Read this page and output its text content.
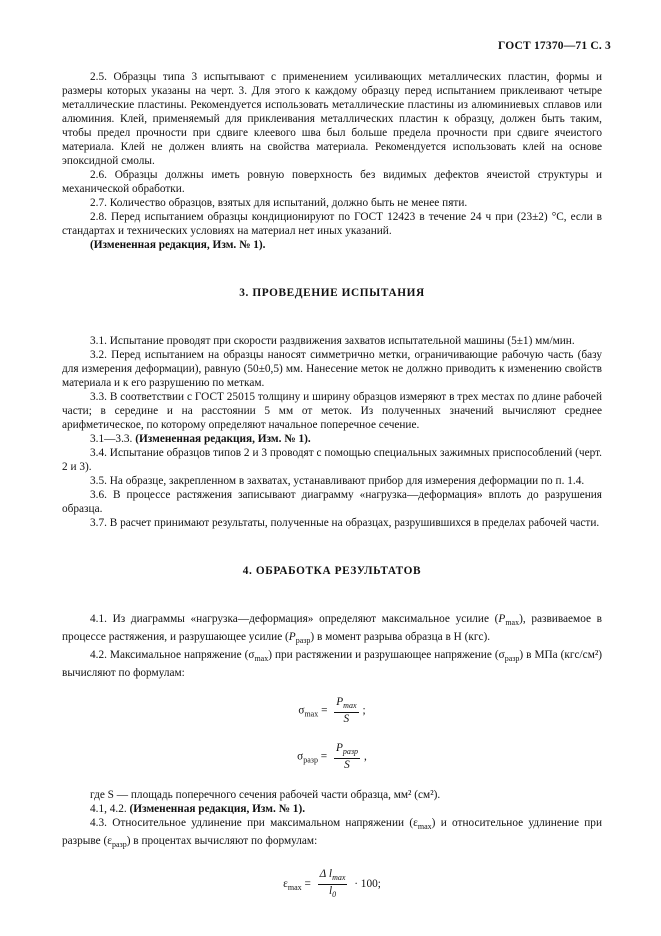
ГОСТ 17370—71 С. 3

2.5. Образцы типа 3 испытывают с применением усиливающих металлических пластин, формы и размеры которых указаны на черт. 3. Для этого к каждому образцу перед испытанием приклеивают четыре металлические пластины. Рекомендуется использовать металлические пластины из алюминиевых сплавов или алюминия. Клей, применяемый для приклеивания металлических пластин к образцу, должен быть таким, чтобы предел прочности при сдвиге клеевого шва был больше предела прочности при сдвиге ячеистого материала. Клей не должен влиять на свойства материала. Рекомендуется использовать клей на основе эпоксидной смолы.

2.6. Образцы должны иметь ровную поверхность без видимых дефектов ячеистой структуры и механической обработки.

2.7. Количество образцов, взятых для испытаний, должно быть не менее пяти.

2.8. Перед испытанием образцы кондиционируют по ГОСТ 12423 в течение 24 ч при (23±2) °С, если в стандартах и технических условиях на материал нет иных указаний.

(Измененная редакция, Изм. № 1).

3. ПРОВЕДЕНИЕ ИСПЫТАНИЯ

3.1. Испытание проводят при скорости раздвижения захватов испытательной машины (5±1) мм/мин.

3.2. Перед испытанием на образцы наносят симметрично метки, ограничивающие рабочую часть (базу для измерения деформации), равную (50±0,5) мм. Нанесение меток не должно приводить к изменению свойств материала и к его разрушению по меткам.

3.3. В соответствии с ГОСТ 25015 толщину и ширину образцов измеряют в трех местах по длине рабочей части; в середине и на расстоянии 5 мм от меток. Из полученных значений вычисляют среднее арифметическое, по которому определяют начальное поперечное сечение.

3.1—3.3. (Измененная редакция, Изм. № 1).

3.4. Испытание образцов типов 2 и 3 проводят с помощью специальных зажимных приспособлений (черт. 2 и 3).

3.5. На образце, закрепленном в захватах, устанавливают прибор для измерения деформации по п. 1.4.

3.6. В процессе растяжения записывают диаграмму «нагрузка—деформация» вплоть до разрушения образца.

3.7. В расчет принимают результаты, полученные на образцах, разрушившихся в пределах рабочей части.

4. ОБРАБОТКА РЕЗУЛЬТАТОВ

4.1. Из диаграммы «нагрузка—деформация» определяют максимальное усилие $(P_{max})$, развиваемое в процессе растяжения, и разрушающее усилие $(P_{разр})$ в момент разрыва образца в Н (кгс).

4.2. Максимальное напряжение $(\sigma_{max})$ при растяжении и разрушающее напряжение $(\sigma_{разр})$ в МПа (кгс/см²) вычисляют по формулам:

$\sigma_{max} = \frac{P_{max}}{S}$ ;

$\sigma_{разр} = \frac{P_{разр}}{S}$ ,

где S — площадь поперечного сечения рабочей части образца, мм² (см²).

4.1, 4.2. (Измененная редакция, Изм. № 1).

4.3. Относительное удлинение при максимальном напряжении $(\varepsilon_{max})$ и относительное удлинение при разрыве $(\varepsilon_{разр})$ в процентах вычисляют по формулам:

$\varepsilon_{max} = \frac{\Delta l_{max}}{l_0} \cdot 100$;
